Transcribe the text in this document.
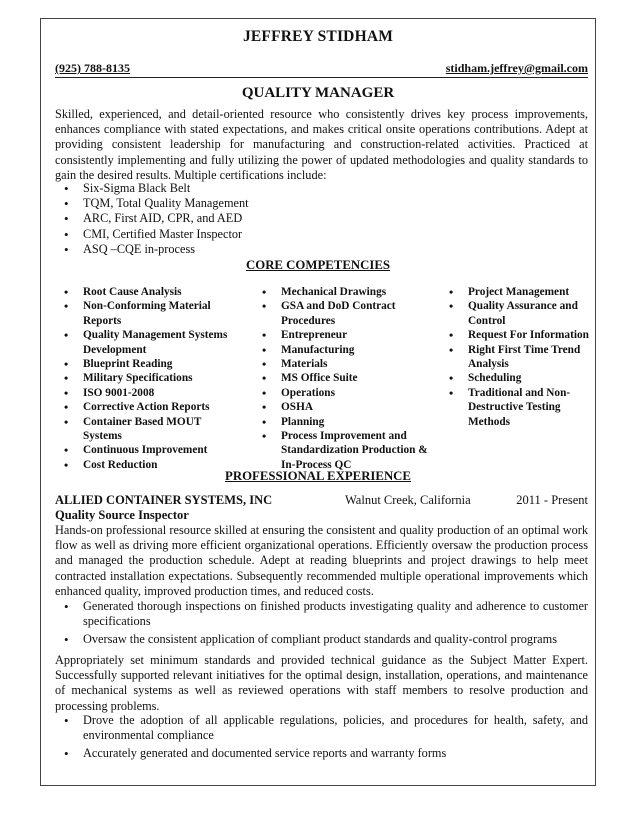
JEFFREY STIDHAM
(925) 788-8135	stidham.jeffrey@gmail.com
QUALITY MANAGER
Skilled, experienced, and detail-oriented resource who consistently drives key process improvements, enhances compliance with stated expectations, and makes critical onsite operations contributions. Adept at providing consistent leadership for manufacturing and construction-related activities. Practiced at consistently implementing and fully utilizing the power of updated methodologies and quality standards to gain the desired results. Multiple certifications include:
• Six-Sigma Black Belt
• TQM, Total Quality Management
• ARC, First AID, CPR, and AED
• CMI, Certified Master Inspector
• ASQ –CQE in-process
CORE COMPETENCIES
• Root Cause Analysis
• Non-Conforming Material Reports
• Quality Management Systems Development
• Blueprint Reading
• Military Specifications
• ISO 9001-2008
• Corrective Action Reports
• Container Based MOUT Systems
• Continuous Improvement
• Cost Reduction
• Mechanical Drawings
• GSA and DoD Contract Procedures
• Entrepreneur
• Manufacturing
• Materials
• MS Office Suite
• Operations
• OSHA
• Planning
• Process Improvement and Standardization Production & In-Process QC
• Project Management
• Quality Assurance and Control
• Request For Information
• Right First Time Trend Analysis
• Scheduling
• Traditional and Non-Destructive Testing Methods
PROFESSIONAL EXPERIENCE
ALLIED CONTAINER SYSTEMS, INC	Walnut Creek, California	2011 - Present
Quality Source Inspector
Hands-on professional resource skilled at ensuring the consistent and quality production of an optimal work flow as well as driving more efficient organizational operations. Efficiently oversaw the production process and managed the production schedule. Adept at reading blueprints and project drawings to help meet contracted installation expectations. Subsequently recommended multiple operational improvements which enhanced quality, improved production times, and reduced costs.
• Generated thorough inspections on finished products investigating quality and adherence to customer specifications
• Oversaw the consistent application of compliant product standards and quality-control programs
Appropriately set minimum standards and provided technical guidance as the Subject Matter Expert. Successfully supported relevant initiatives for the optimal design, installation, operations, and maintenance of mechanical systems as well as reviewed operations with staff members to resolve production and processing problems.
• Drove the adoption of all applicable regulations, policies, and procedures for health, safety, and environmental compliance
• Accurately generated and documented service reports and warranty forms
